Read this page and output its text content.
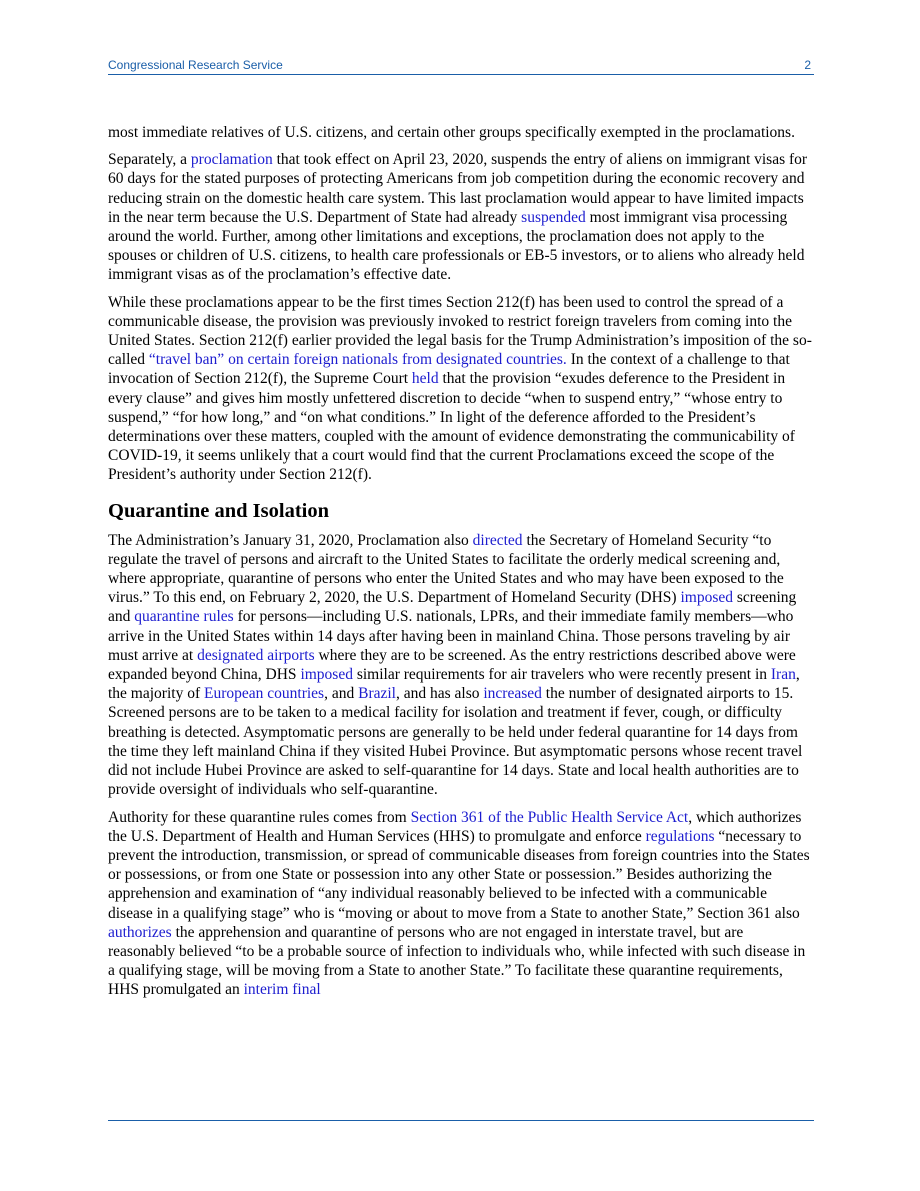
Congressional Research Service	2

most immediate relatives of U.S. citizens, and certain other groups specifically exempted in the proclamations.

Separately, a proclamation that took effect on April 23, 2020, suspends the entry of aliens on immigrant visas for 60 days for the stated purposes of protecting Americans from job competition during the economic recovery and reducing strain on the domestic health care system. This last proclamation would appear to have limited impacts in the near term because the U.S. Department of State had already suspended most immigrant visa processing around the world. Further, among other limitations and exceptions, the proclamation does not apply to the spouses or children of U.S. citizens, to health care professionals or EB-5 investors, or to aliens who already held immigrant visas as of the proclamation’s effective date.

While these proclamations appear to be the first times Section 212(f) has been used to control the spread of a communicable disease, the provision was previously invoked to restrict foreign travelers from coming into the United States. Section 212(f) earlier provided the legal basis for the Trump Administration’s imposition of the so-called “travel ban” on certain foreign nationals from designated countries. In the context of a challenge to that invocation of Section 212(f), the Supreme Court held that the provision “exudes deference to the President in every clause” and gives him mostly unfettered discretion to decide “when to suspend entry,” “whose entry to suspend,” “for how long,” and “on what conditions.” In light of the deference afforded to the President’s determinations over these matters, coupled with the amount of evidence demonstrating the communicability of COVID-19, it seems unlikely that a court would find that the current Proclamations exceed the scope of the President’s authority under Section 212(f).

Quarantine and Isolation

The Administration’s January 31, 2020, Proclamation also directed the Secretary of Homeland Security “to regulate the travel of persons and aircraft to the United States to facilitate the orderly medical screening and, where appropriate, quarantine of persons who enter the United States and who may have been exposed to the virus.” To this end, on February 2, 2020, the U.S. Department of Homeland Security (DHS) imposed screening and quarantine rules for persons—including U.S. nationals, LPRs, and their immediate family members—who arrive in the United States within 14 days after having been in mainland China. Those persons traveling by air must arrive at designated airports where they are to be screened. As the entry restrictions described above were expanded beyond China, DHS imposed similar requirements for air travelers who were recently present in Iran, the majority of European countries, and Brazil, and has also increased the number of designated airports to 15. Screened persons are to be taken to a medical facility for isolation and treatment if fever, cough, or difficulty breathing is detected. Asymptomatic persons are generally to be held under federal quarantine for 14 days from the time they left mainland China if they visited Hubei Province. But asymptomatic persons whose recent travel did not include Hubei Province are asked to self-quarantine for 14 days. State and local health authorities are to provide oversight of individuals who self-quarantine.

Authority for these quarantine rules comes from Section 361 of the Public Health Service Act, which authorizes the U.S. Department of Health and Human Services (HHS) to promulgate and enforce regulations “necessary to prevent the introduction, transmission, or spread of communicable diseases from foreign countries into the States or possessions, or from one State or possession into any other State or possession.” Besides authorizing the apprehension and examination of “any individual reasonably believed to be infected with a communicable disease in a qualifying stage” who is “moving or about to move from a State to another State,” Section 361 also authorizes the apprehension and quarantine of persons who are not engaged in interstate travel, but are reasonably believed “to be a probable source of infection to individuals who, while infected with such disease in a qualifying stage, will be moving from a State to another State.” To facilitate these quarantine requirements, HHS promulgated an interim final
